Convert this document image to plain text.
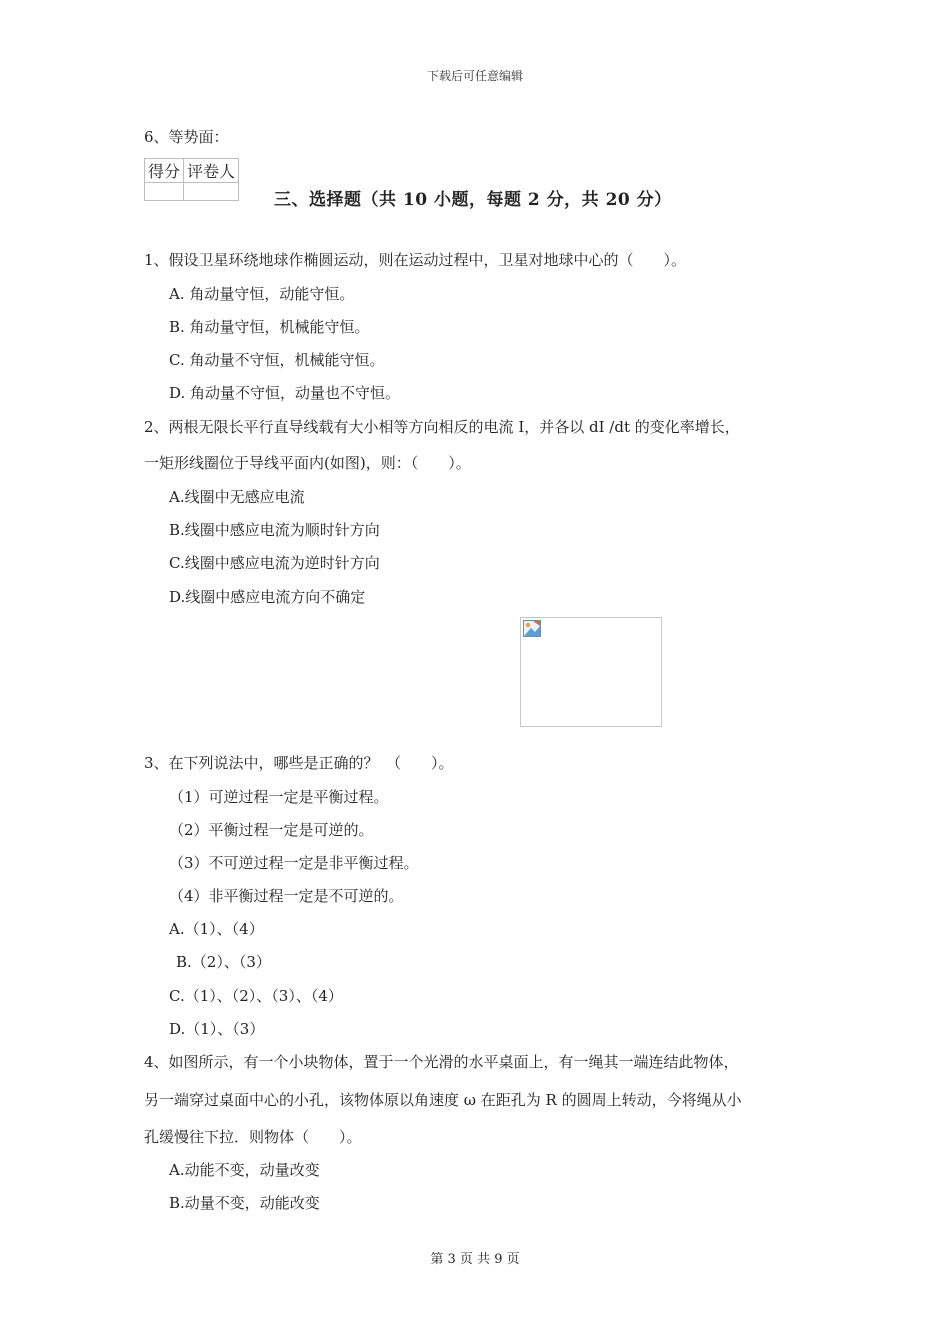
下载后可任意编辑
6、等势面：
得分	评卷人

三、选择题（共 10 小题，每题 2 分，共 20 分）
1、假设卫星环绕地球作椭圆运动，则在运动过程中，卫星对地球中心的（　　）。
A. 角动量守恒，动能守恒。
B. 角动量守恒，机械能守恒。
C. 角动量不守恒，机械能守恒。
D. 角动量不守恒，动量也不守恒。
2、两根无限长平行直导线载有大小相等方向相反的电流 I，并各以 dI /dt 的变化率增长，
一矩形线圈位于导线平面内(如图)，则：（　　）。
A.线圈中无感应电流
B.线圈中感应电流为顺时针方向
C.线圈中感应电流为逆时针方向
D.线圈中感应电流方向不确定
3、在下列说法中，哪些是正确的？　（　　）。
（1）可逆过程一定是平衡过程。
（2）平衡过程一定是可逆的。
（3）不可逆过程一定是非平衡过程。
（4）非平衡过程一定是不可逆的。
A.（1）、（4）
B.（2）、（3）
C.（1）、（2）、（3）、（4）
D.（1）、（3）
4、如图所示，有一个小块物体，置于一个光滑的水平桌面上，有一绳其一端连结此物体，
另一端穿过桌面中心的小孔，该物体原以角速度 ω 在距孔为 R 的圆周上转动，今将绳从小
孔缓慢往下拉．则物体（　　）。
A.动能不变，动量改变
B.动量不变，动能改变
第 3 页 共 9 页
